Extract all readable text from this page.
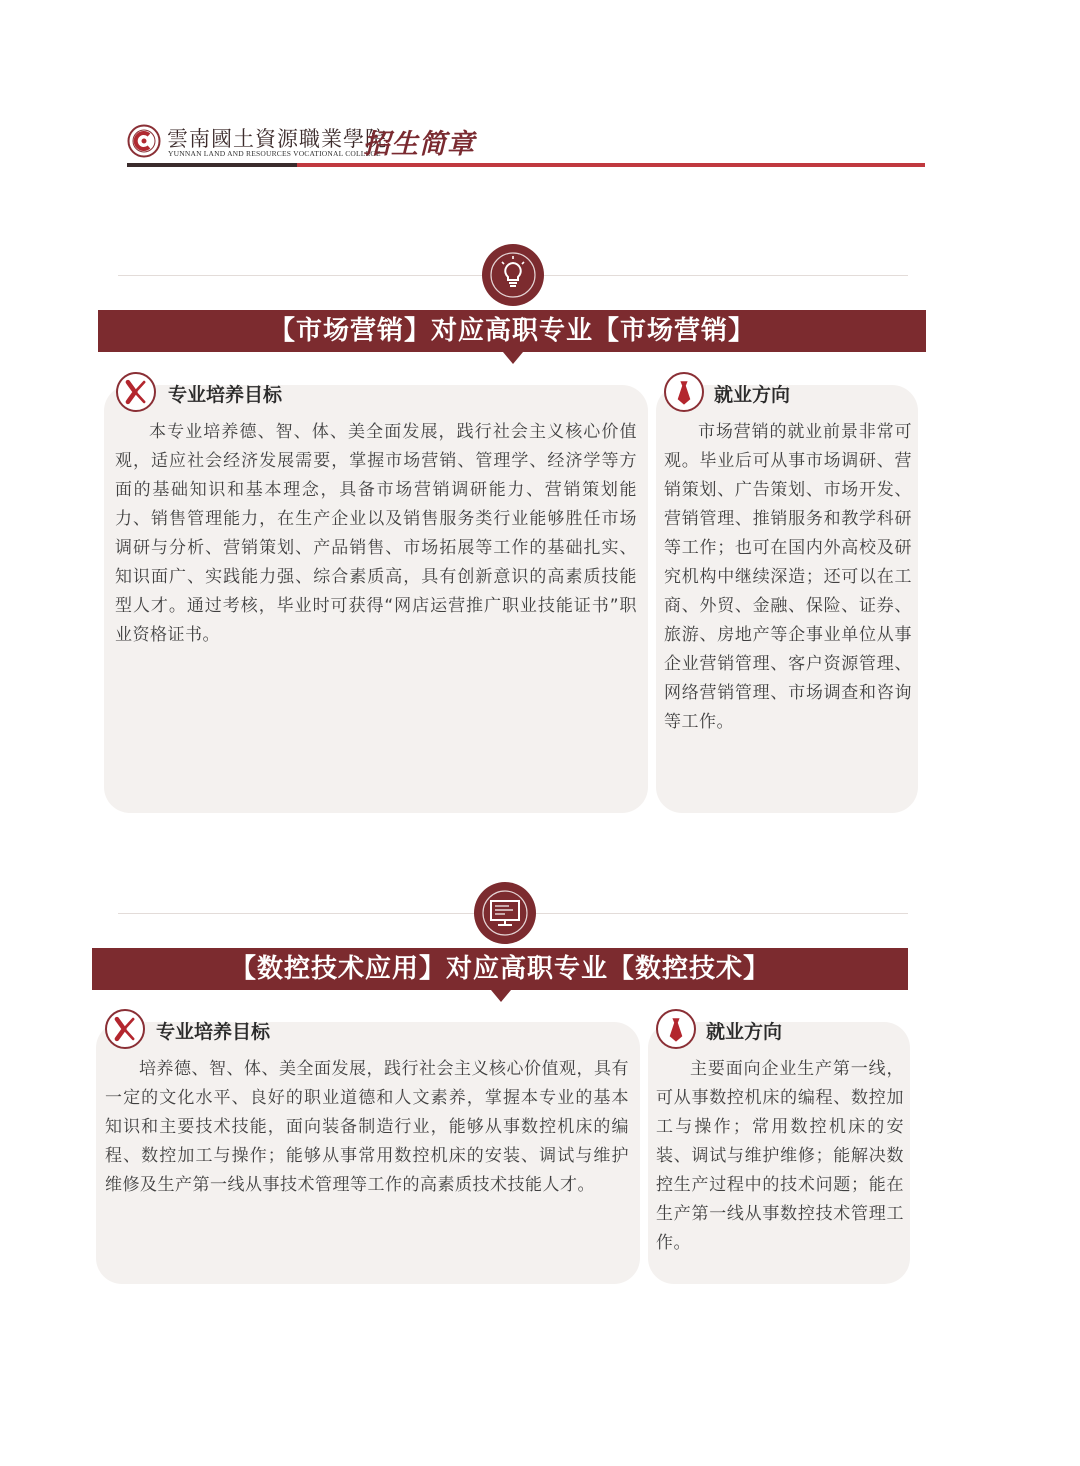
雲南國土資源職業學院
YUNNAN LAND AND RESOURCES VOCATIONAL COLLEGE
招生简章
【市场营销】对应高职专业【市场营销】
专业培养目标

本专业培养德、智、体、美全面发展，践行社会主义核心价值观，适应社会经济发展需要，掌握市场营销、管理学、经济学等方面的基础知识和基本理念，具备市场营销调研能力、营销策划能力、销售管理能力，在生产企业以及销售服务类行业能够胜任市场调研与分析、营销策划、产品销售、市场拓展等工作的基础扎实、知识面广、实践能力强、综合素质高，具有创新意识的高素质技能型人才。通过考核，毕业时可获得“网店运营推广职业技能证书”职业资格证书。

就业方向

市场营销的就业前景非常可观。毕业后可从事市场调研、营销策划、广告策划、市场开发、营销管理、推销服务和教学科研等工作；也可在国内外高校及研究机构中继续深造；还可以在工商、外贸、金融、保险、证券、旅游、房地产等企事业单位从事企业营销管理、客户资源管理、网络营销管理、市场调查和咨询等工作。

【数控技术应用】对应高职专业【数控技术】
专业培养目标

培养德、智、体、美全面发展，践行社会主义核心价值观，具有一定的文化水平、良好的职业道德和人文素养，掌握本专业的基本知识和主要技术技能，面向装备制造行业，能够从事数控机床的编程、数控加工与操作；能够从事常用数控机床的安装、调试与维护维修及生产第一线从事技术管理等工作的高素质技术技能人才。

就业方向

主要面向企业生产第一线，可从事数控机床的编程、数控加工与操作；常用数控机床的安装、调试与维护维修；能解决数控生产过程中的技术问题；能在生产第一线从事数控技术管理工作。
